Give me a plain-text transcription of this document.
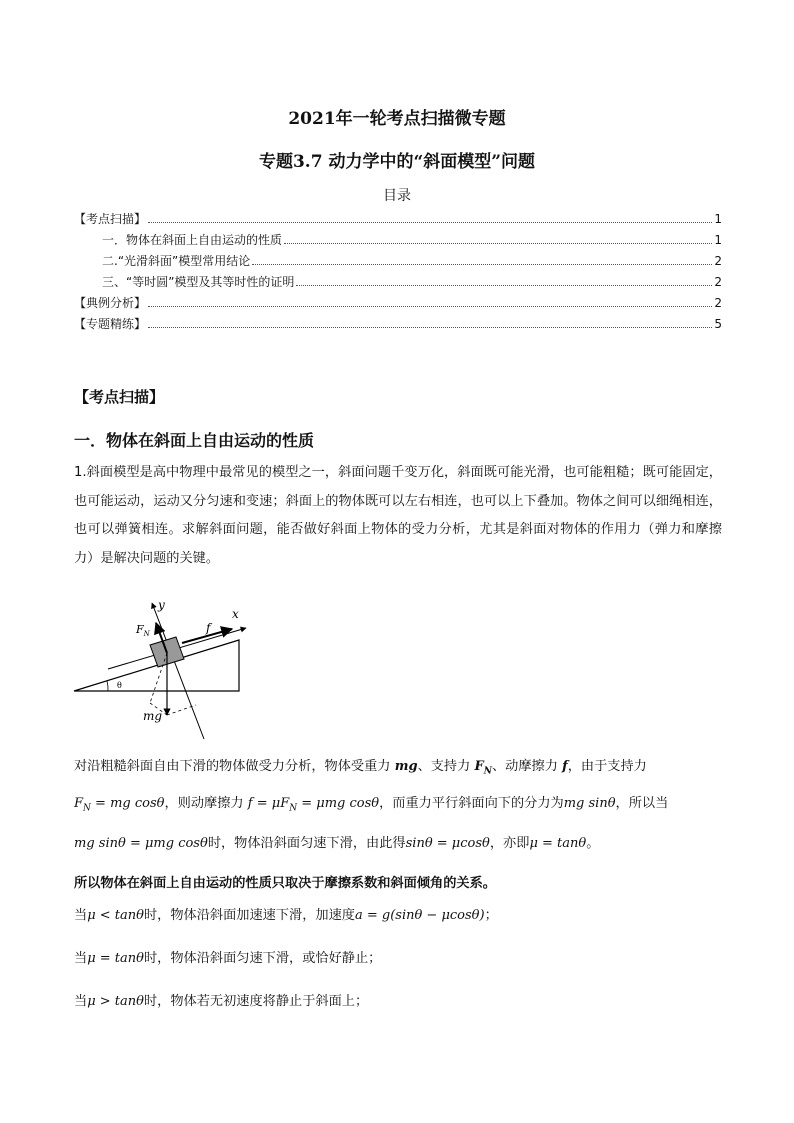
2021年一轮考点扫描微专题
专题3.7 动力学中的“斜面模型”问题
目录
【考点扫描】	1
一．物体在斜面上自由运动的性质	1
二.“光滑斜面”模型常用结论	2
三、“等时圆”模型及其等时性的证明	2
【典例分析】	2
【专题精练】	5
【考点扫描】
一．物体在斜面上自由运动的性质
1.斜面模型是高中物理中最常见的模型之一，斜面问题千变万化，斜面既可能光滑，也可能粗糙；既可能固定，也可能运动，运动又分匀速和变速；斜面上的物体既可以左右相连，也可以上下叠加。物体之间可以细绳相连，也可以弹簧相连。求解斜面问题，能否做好斜面上物体的受力分析，尤其是斜面对物体的作用力（弹力和摩擦力）是解决问题的关键。
y
x
$F_N$	f
θ
mg
对沿粗糙斜面自由下滑的物体做受力分析，物体受重力 mg、支持力 $F_N$、动摩擦力 f，由于支持力
$F_N$ = mg cosθ，则动摩擦力 $f = \mu F_N = \mu mg$ cosθ，而重力平行斜面向下的分力为mg sinθ，所以当
mg sinθ = μmg cosθ时，物体沿斜面匀速下滑，由此得sinθ = μcosθ，亦即μ = tanθ。
所以物体在斜面上自由运动的性质只取决于摩擦系数和斜面倾角的关系。
当μ < tanθ时，物体沿斜面加速速下滑，加速度a = g(sinθ − μcosθ)；
当μ = tanθ时，物体沿斜面匀速下滑，或恰好静止；
当μ > tanθ时，物体若无初速度将静止于斜面上；
